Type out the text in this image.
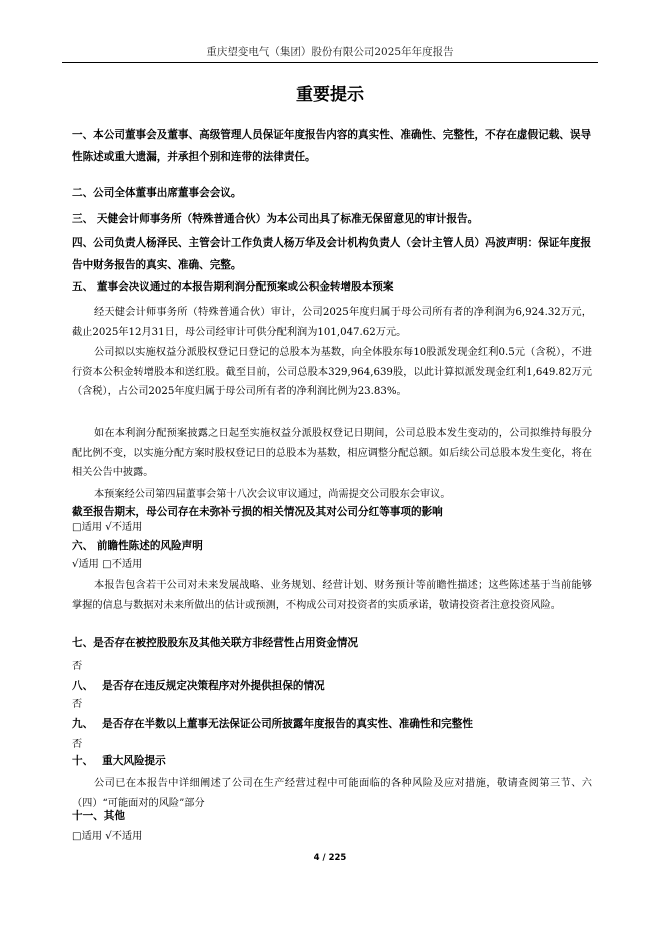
重庆望变电气（集团）股份有限公司2025年年度报告
重要提示
一、本公司董事会及董事、高级管理人员保证年度报告内容的真实性、准确性、完整性，不存在虚假记载、误导性陈述或重大遗漏，并承担个别和连带的法律责任。
二、公司全体董事出席董事会会议。
三、 天健会计师事务所（特殊普通合伙）为本公司出具了标准无保留意见的审计报告。
四、公司负责人杨泽民、主管会计工作负责人杨万华及会计机构负责人（会计主管人员）冯波声明：保证年度报告中财务报告的真实、准确、完整。
五、 董事会决议通过的本报告期利润分配预案或公积金转增股本预案
经天健会计师事务所（特殊普通合伙）审计，公司2025年度归属于母公司所有者的净利润为6,924.32万元，截止2025年12月31日，母公司经审计可供分配利润为101,047.62万元。
公司拟以实施权益分派股权登记日登记的总股本为基数，向全体股东每10股派发现金红利0.5元（含税），不进行资本公积金转增股本和送红股。截至目前，公司总股本329,964,639股，以此计算拟派发现金红利1,649.82万元（含税），占公司2025年度归属于母公司所有者的净利润比例为23.83%。
如在本利润分配预案披露之日起至实施权益分派股权登记日期间，公司总股本发生变动的，公司拟维持每股分配比例不变，以实施分配方案时股权登记日的总股本为基数，相应调整分配总额。如后续公司总股本发生变化，将在相关公告中披露。
本预案经公司第四届董事会第十八次会议审议通过，尚需提交公司股东会审议。
截至报告期末，母公司存在未弥补亏损的相关情况及其对公司分红等事项的影响
□适用 √不适用
六、 前瞻性陈述的风险声明
√适用 □不适用
本报告包含若干公司对未来发展战略、业务规划、经营计划、财务预计等前瞻性描述；这些陈述基于当前能够掌握的信息与数据对未来所做出的估计或预测，不构成公司对投资者的实质承诺，敬请投资者注意投资风险。
七、是否存在被控股股东及其他关联方非经营性占用资金情况
否
八、　 是否存在违反规定决策程序对外提供担保的情况
否
九、　 是否存在半数以上董事无法保证公司所披露年度报告的真实性、准确性和完整性
否
十、　 重大风险提示
公司已在本报告中详细阐述了公司在生产经营过程中可能面临的各种风险及应对措施，敬请查阅第三节、六（四）“可能面对的风险”部分
十一、其他
□适用 √不适用
4 / 225
